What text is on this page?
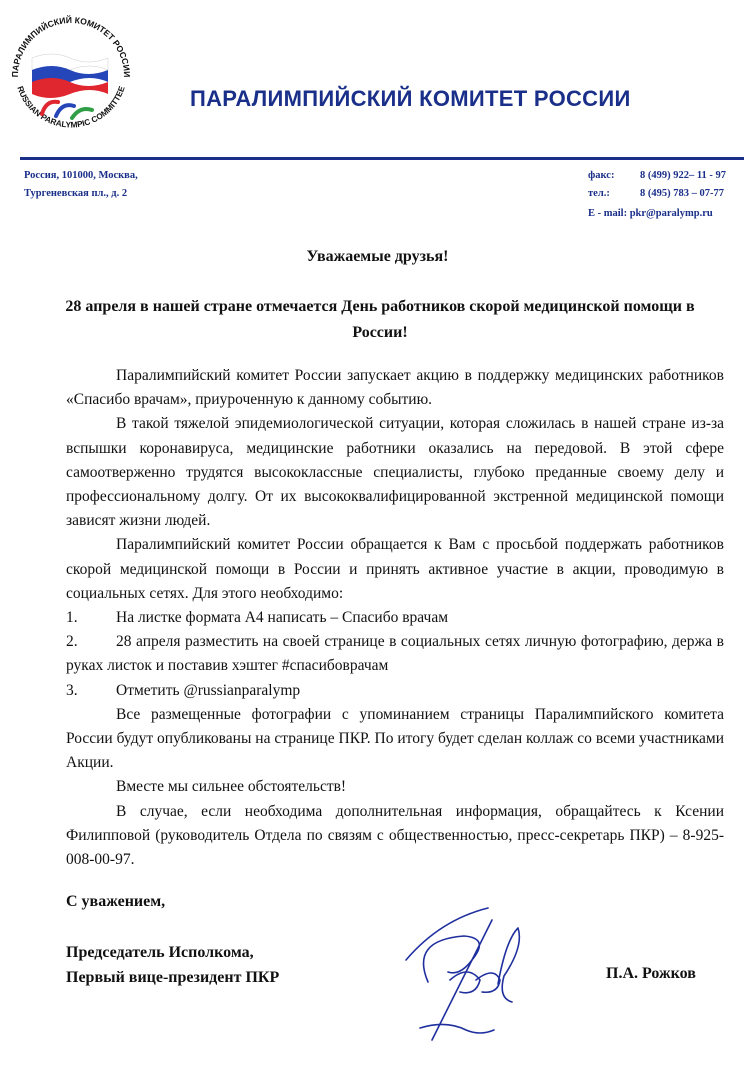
ПАРАЛИМПИЙСКИЙ КОМИТЕТ РОССИИ
RUSSIAN PARALYMPIC COMMITTEE	ПАРАЛИМПИЙСКИЙ КОМИТЕТ РОССИИ
Россия, 101000, Москва,
Тургеневская пл., д. 2
факс: 8 (499) 922– 11 - 97
тел.:	8 (495) 783 – 07-77
E - mail: pkr@paralymp.ru
Уважаемые друзья!
28 апреля в нашей стране отмечается День работников скорой медицинской помощи в России!

Паралимпийский комитет России запускает акцию в поддержку медицинских работников «Спасибо врачам», приуроченную к данному событию.

В такой тяжелой эпидемиологической ситуации, которая сложилась в нашей стране из-за вспышки коронавируса, медицинские работники оказались на передовой. В этой сфере самоотверженно трудятся высококлассные специалисты, глубоко преданные своему делу и профессиональному долгу. От их высококвалифицированной экстренной медицинской помощи зависят жизни людей.

Паралимпийский комитет России обращается к Вам с просьбой поддержать работников скорой медицинской помощи в России и принять активное участие в акции, проводимую в социальных сетях. Для этого необходимо:

1. На листке формата А4 написать – Спасибо врачам

2. 28 апреля разместить на своей странице в социальных сетях личную фотографию, держа в руках листок и поставив хэштег #спасибоврачам

3. Отметить @russianparalymp

Все размещенные фотографии с упоминанием страницы Паралимпийского комитета России будут опубликованы на странице ПКР. По итогу будет сделан коллаж со всеми участниками Акции.

Вместе мы сильнее обстоятельств!

В случае, если необходима дополнительная информация, обращайтесь к Ксении Филипповой (руководитель Отдела по связям с общественностью, пресс-секретарь ПКР) – 8-925-008-00-97.

С уважением,
Председатель Исполкома,
Первый вице-президент ПКР	П.А. Рожков
